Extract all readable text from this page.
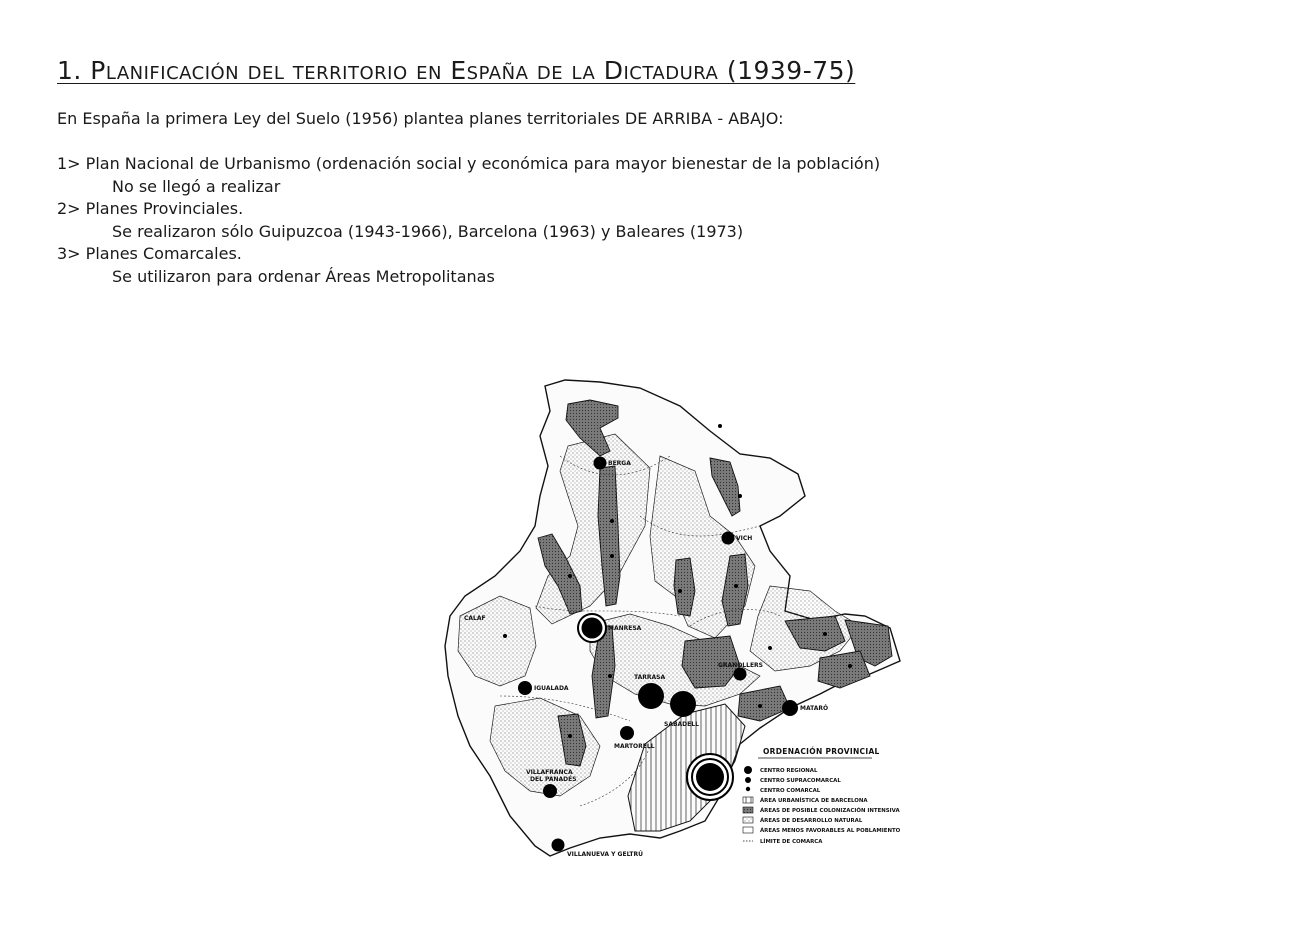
1. Planificación del territorio en España de la Dictadura (1939-75)

En España la primera Ley del Suelo (1956) plantea planes territoriales DE ARRIBA - ABAJO:

1> Plan Nacional de Urbanismo (ordenación social y económica para mayor bienestar de la población)
No se llegó a realizar
2> Planes Provinciales.
Se realizaron sólo Guipuzcoa (1943-1966), Barcelona (1963) y Baleares (1973)
3> Planes Comarcales.
Se utilizaron para ordenar Áreas Metropolitanas
BERGA
VICH
CALAF
MANRESA
IGUALADA
TARRASA
SABADELL
GRANOLLERS
MATARÓ
MARTORELL
VILLAFRANCA
DEL PANADÉS
VILLANUEVA Y GELTRÚ
ORDENACIÓN PROVINCIAL
CENTRO REGIONAL
CENTRO SUPRACOMARCAL
CENTRO COMARCAL
ÁREA URBANÍSTICA DE BARCELONA
ÁREAS DE POSIBLE COLONIZACIÓN INTENSIVA
ÁREAS DE DESARROLLO NATURAL
ÁREAS MENOS FAVORABLES AL POBLAMIENTO
LÍMITE DE COMARCA
